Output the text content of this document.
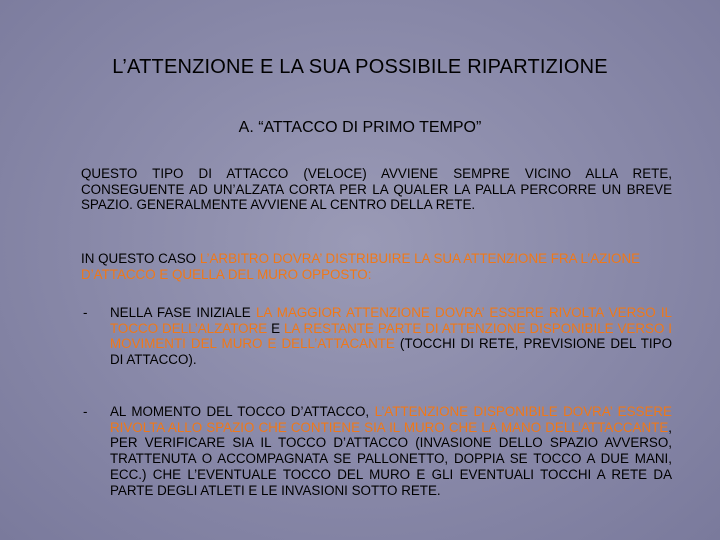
L’ATTENZIONE E LA SUA POSSIBILE RIPARTIZIONE
A. “ATTACCO DI PRIMO TEMPO”
QUESTO TIPO DI ATTACCO (VELOCE) AVVIENE SEMPRE VICINO ALLA RETE, CONSEGUENTE AD UN’ALZATA CORTA PER LA QUALER LA PALLA PERCORRE UN BREVE SPAZIO. GENERALMENTE AVVIENE AL CENTRO DELLA RETE.
IN QUESTO CASO L’ARBITRO DOVRA’ DISTRIBUIRE LA SUA ATTENZIONE FRA L’AZIONE D’ATTACCO E QUELLA DEL MURO OPPOSTO:
- NELLA FASE INIZIALE LA MAGGIOR ATTENZIONE DOVRA’ ESSERE RIVOLTA VERSO IL TOCCO DELL’ALZATORE E LA RESTANTE PARTE DI ATTENZIONE DISPONIBILE VERSO I MOVIMENTI DEL MURO E DELL’ATTACANTE (TOCCHI DI RETE, PREVISIONE DEL TIPO DI ATTACCO).
- AL MOMENTO DEL TOCCO D’ATTACCO, L’ATTENZIONE DISPONIBILE DOVRA’ ESSERE RIVOLTA ALLO SPAZIO CHE CONTIENE SIA IL MURO CHE LA MANO DELL’ATTACCANTE, PER VERIFICARE SIA IL TOCCO D’ATTACCO (INVASIONE DELLO SPAZIO AVVERSO, TRATTENUTA O ACCOMPAGNATA SE PALLONETTO, DOPPIA SE TOCCO A DUE MANI, ECC.) CHE L’EVENTUALE TOCCO DEL MURO E GLI EVENTUALI TOCCHI A RETE DA PARTE DEGLI ATLETI E LE INVASIONI SOTTO RETE.
